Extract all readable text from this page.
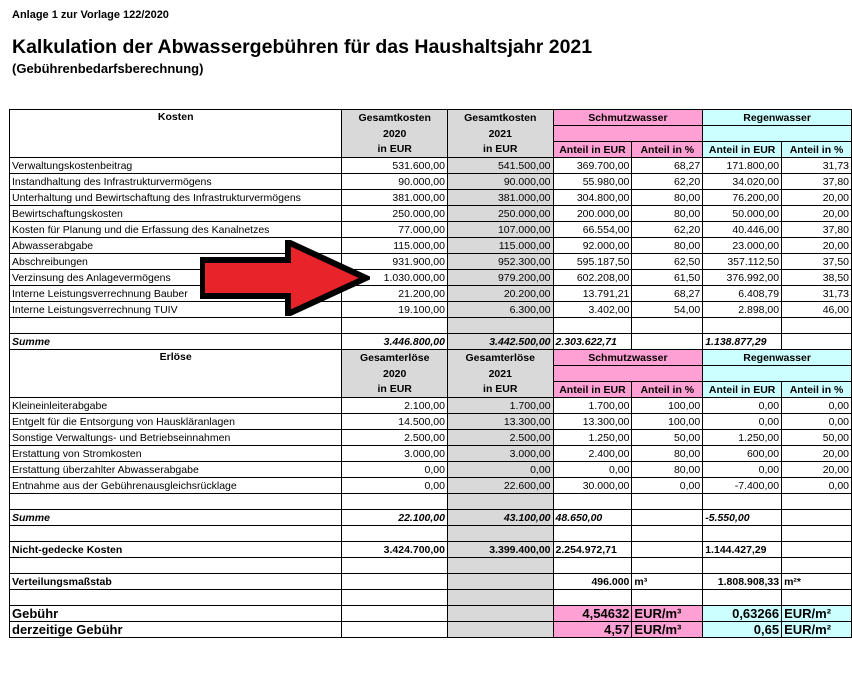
Anlage 1 zur Vorlage 122/2020
Kalkulation der Abwassergebühren für das Haushaltsjahr 2021
(Gebührenbedarfsberechnung)
Kosten	Gesamtkosten	Gesamtkosten	Schmutzwasser		Regenwasser	
	2020	2021				
	in EUR	in EUR	Anteil in EUR	Anteil in %	Anteil in EUR	Anteil in %
Verwaltungskostenbeitrag	531.600,00	541.500,00	369.700,00	68,27	171.800,00	31,73
Instandhaltung des Infrastrukturvermögens	90.000,00	90.000,00	55.980,00	62,20	34.020,00	37,80
Unterhaltung und Bewirtschaftung des Infrastrukturvermögens	381.000,00	381.000,00	304.800,00	80,00	76.200,00	20,00
Bewirtschaftungskosten	250.000,00	250.000,00	200.000,00	80,00	50.000,00	20,00
Kosten für Planung und die Erfassung des Kanalnetzes	77.000,00	107.000,00	66.554,00	62,20	40.446,00	37,80
Abwasserabgabe	115.000,00	115.000,00	92.000,00	80,00	23.000,00	20,00
Abschreibungen	931.900,00	952.300,00	595.187,50	62,50	357.112,50	37,50
Verzinsung des Anlagevermögens	1.030.000,00	979.200,00	602.208,00	61,50	376.992,00	38,50
Interne Leistungsverrechnung Bauber	21.200,00	20.200,00	13.791,21	68,27	6.408,79	31,73
Interne Leistungsverrechnung TUIV	19.100,00	6.300,00	3.402,00	54,00	2.898,00	46,00

Summe	3.446.800,00	3.442.500,00	2.303.622,71		1.138.877,29	
Erlöse	Gesamterlöse	Gesamterlöse	Schmutzwasser		Regenwasser	
	2020	2021				
	in EUR	in EUR	Anteil in EUR	Anteil in %	Anteil in EUR	Anteil in %
Kleineinleiterabgabe	2.100,00	1.700,00	1.700,00	100,00	0,00	0,00
Entgelt für die Entsorgung von Hauskläranlagen	14.500,00	13.300,00	13.300,00	100,00	0,00	0,00
Sonstige Verwaltungs- und Betriebseinnahmen	2.500,00	2.500,00	1.250,00	50,00	1.250,00	50,00
Erstattung von Stromkosten	3.000,00	3.000,00	2.400,00	80,00	600,00	20,00
Erstattung überzahlter Abwasserabgabe	0,00	0,00	0,00	80,00	0,00	20,00
Entnahme aus der Gebührenausgleichsrücklage	0,00	22.600,00	30.000,00	0,00	-7.400,00	0,00

Summe	22.100,00	43.100,00	48.650,00		-5.550,00	

Nicht-gedecke Kosten	3.424.700,00	3.399.400,00	2.254.972,71		1.144.427,29	

Verteilungsmaßstab			496.000	m³	1.808.908,33	m²*

Gebühr			4,54632	EUR/m³	0,63266	EUR/m²
derzeitige Gebühr			4,57	EUR/m³	0,65	EUR/m²
